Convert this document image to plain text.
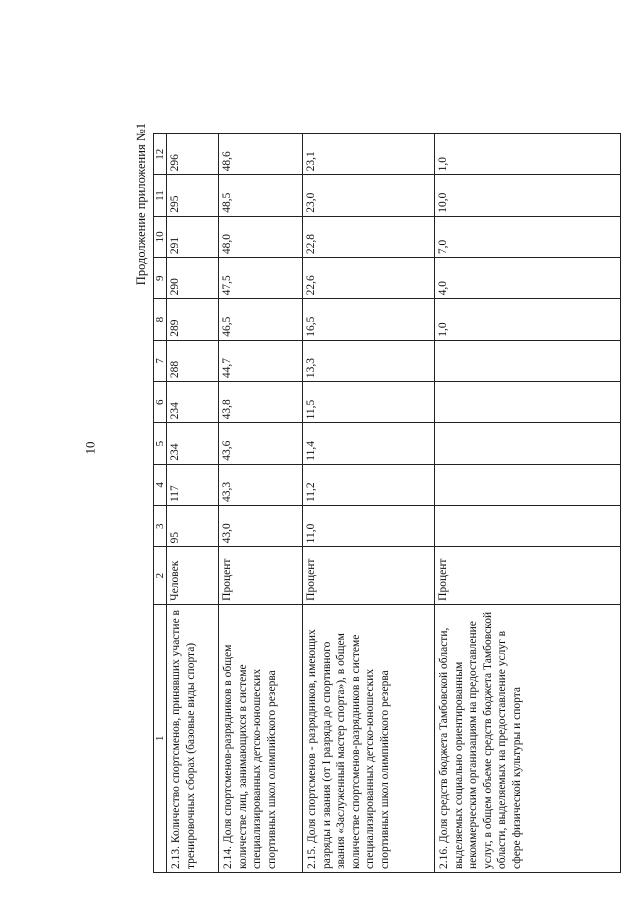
10
Продолжение приложения №1
1	2	3	4	5	6	7	8	9	10	11	12
2.13. Количество спортсменов, принявших участие в тренировочных сборах (базовые виды спорта)	Человек	95	117	234	234	288	289	290	291	295	296
2.14. Доля спортсменов-разрядников в общем количестве лиц, занимающихся в системе специализированных детско-юношеских спортивных школ олимпийского резерва	Процент	43,0	43,3	43,6	43,8	44,7	46,5	47,5	48,0	48,5	48,6
2.15. Доля спортсменов - разрядников, имеющих разряды и звания (от I разряда до спортивного звания «Заслуженный мастер спорта»), в общем количестве спортсменов-разрядников в системе специализированных детско-юношеских спортивных школ олимпийского резерва	Процент	11,0	11,2	11,4	11,5	13,3	16,5	22,6	22,8	23,0	23,1
2.16. Доля средств бюджета Тамбовской области, выделяемых социально ориентированным некоммерческим организациям на предоставление услуг, в общем объеме средств бюджета Тамбовской области, выделяемых на предоставление услуг в сфере физической культуры и спорта	Процент						1,0	4,0	7,0	10,0	1,0
